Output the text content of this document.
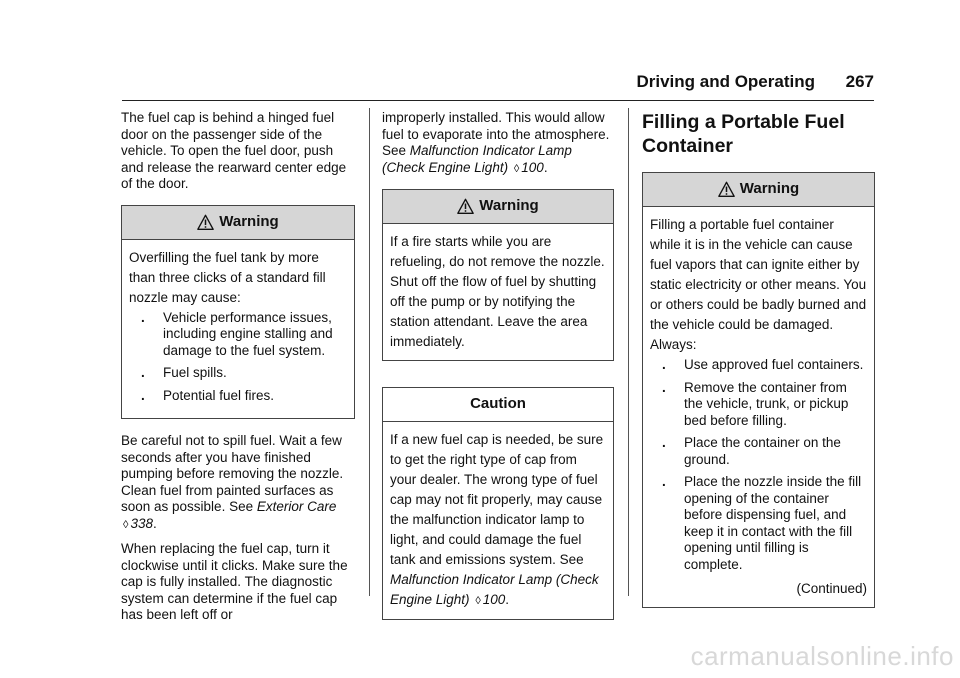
Driving and Operating 267

The fuel cap is behind a hinged fuel door on the passenger side of the vehicle. To open the fuel door, push and release the rearward center edge of the door.

Warning

Overfilling the fuel tank by more than three clicks of a standard fill nozzle may cause:

. Vehicle performance issues, including engine stalling and damage to the fuel system.
. Fuel spills.
. Potential fuel fires.

Be careful not to spill fuel. Wait a few seconds after you have finished pumping before removing the nozzle. Clean fuel from painted surfaces as soon as possible. See Exterior Care ◊ 338.

When replacing the fuel cap, turn it clockwise until it clicks. Make sure the cap is fully installed. The diagnostic system can determine if the fuel cap has been left off or

improperly installed. This would allow fuel to evaporate into the atmosphere. See Malfunction Indicator Lamp (Check Engine Light) ◊ 100.

Warning

If a fire starts while you are refueling, do not remove the nozzle. Shut off the flow of fuel by shutting off the pump or by notifying the station attendant. Leave the area immediately.

Caution

If a new fuel cap is needed, be sure to get the right type of cap from your dealer. The wrong type of fuel cap may not fit properly, may cause the malfunction indicator lamp to light, and could damage the fuel tank and emissions system. See Malfunction Indicator Lamp (Check Engine Light) ◊ 100.

Filling a Portable Fuel Container
Warning

Filling a portable fuel container while it is in the vehicle can cause fuel vapors that can ignite either by static electricity or other means. You or others could be badly burned and the vehicle could be damaged. Always:

. Use approved fuel containers.
. Remove the container from the vehicle, trunk, or pickup bed before filling.
. Place the container on the ground.
. Place the nozzle inside the fill opening of the container before dispensing fuel, and keep it in contact with the fill opening until filling is complete.
(Continued)
carmanualsonline.info
